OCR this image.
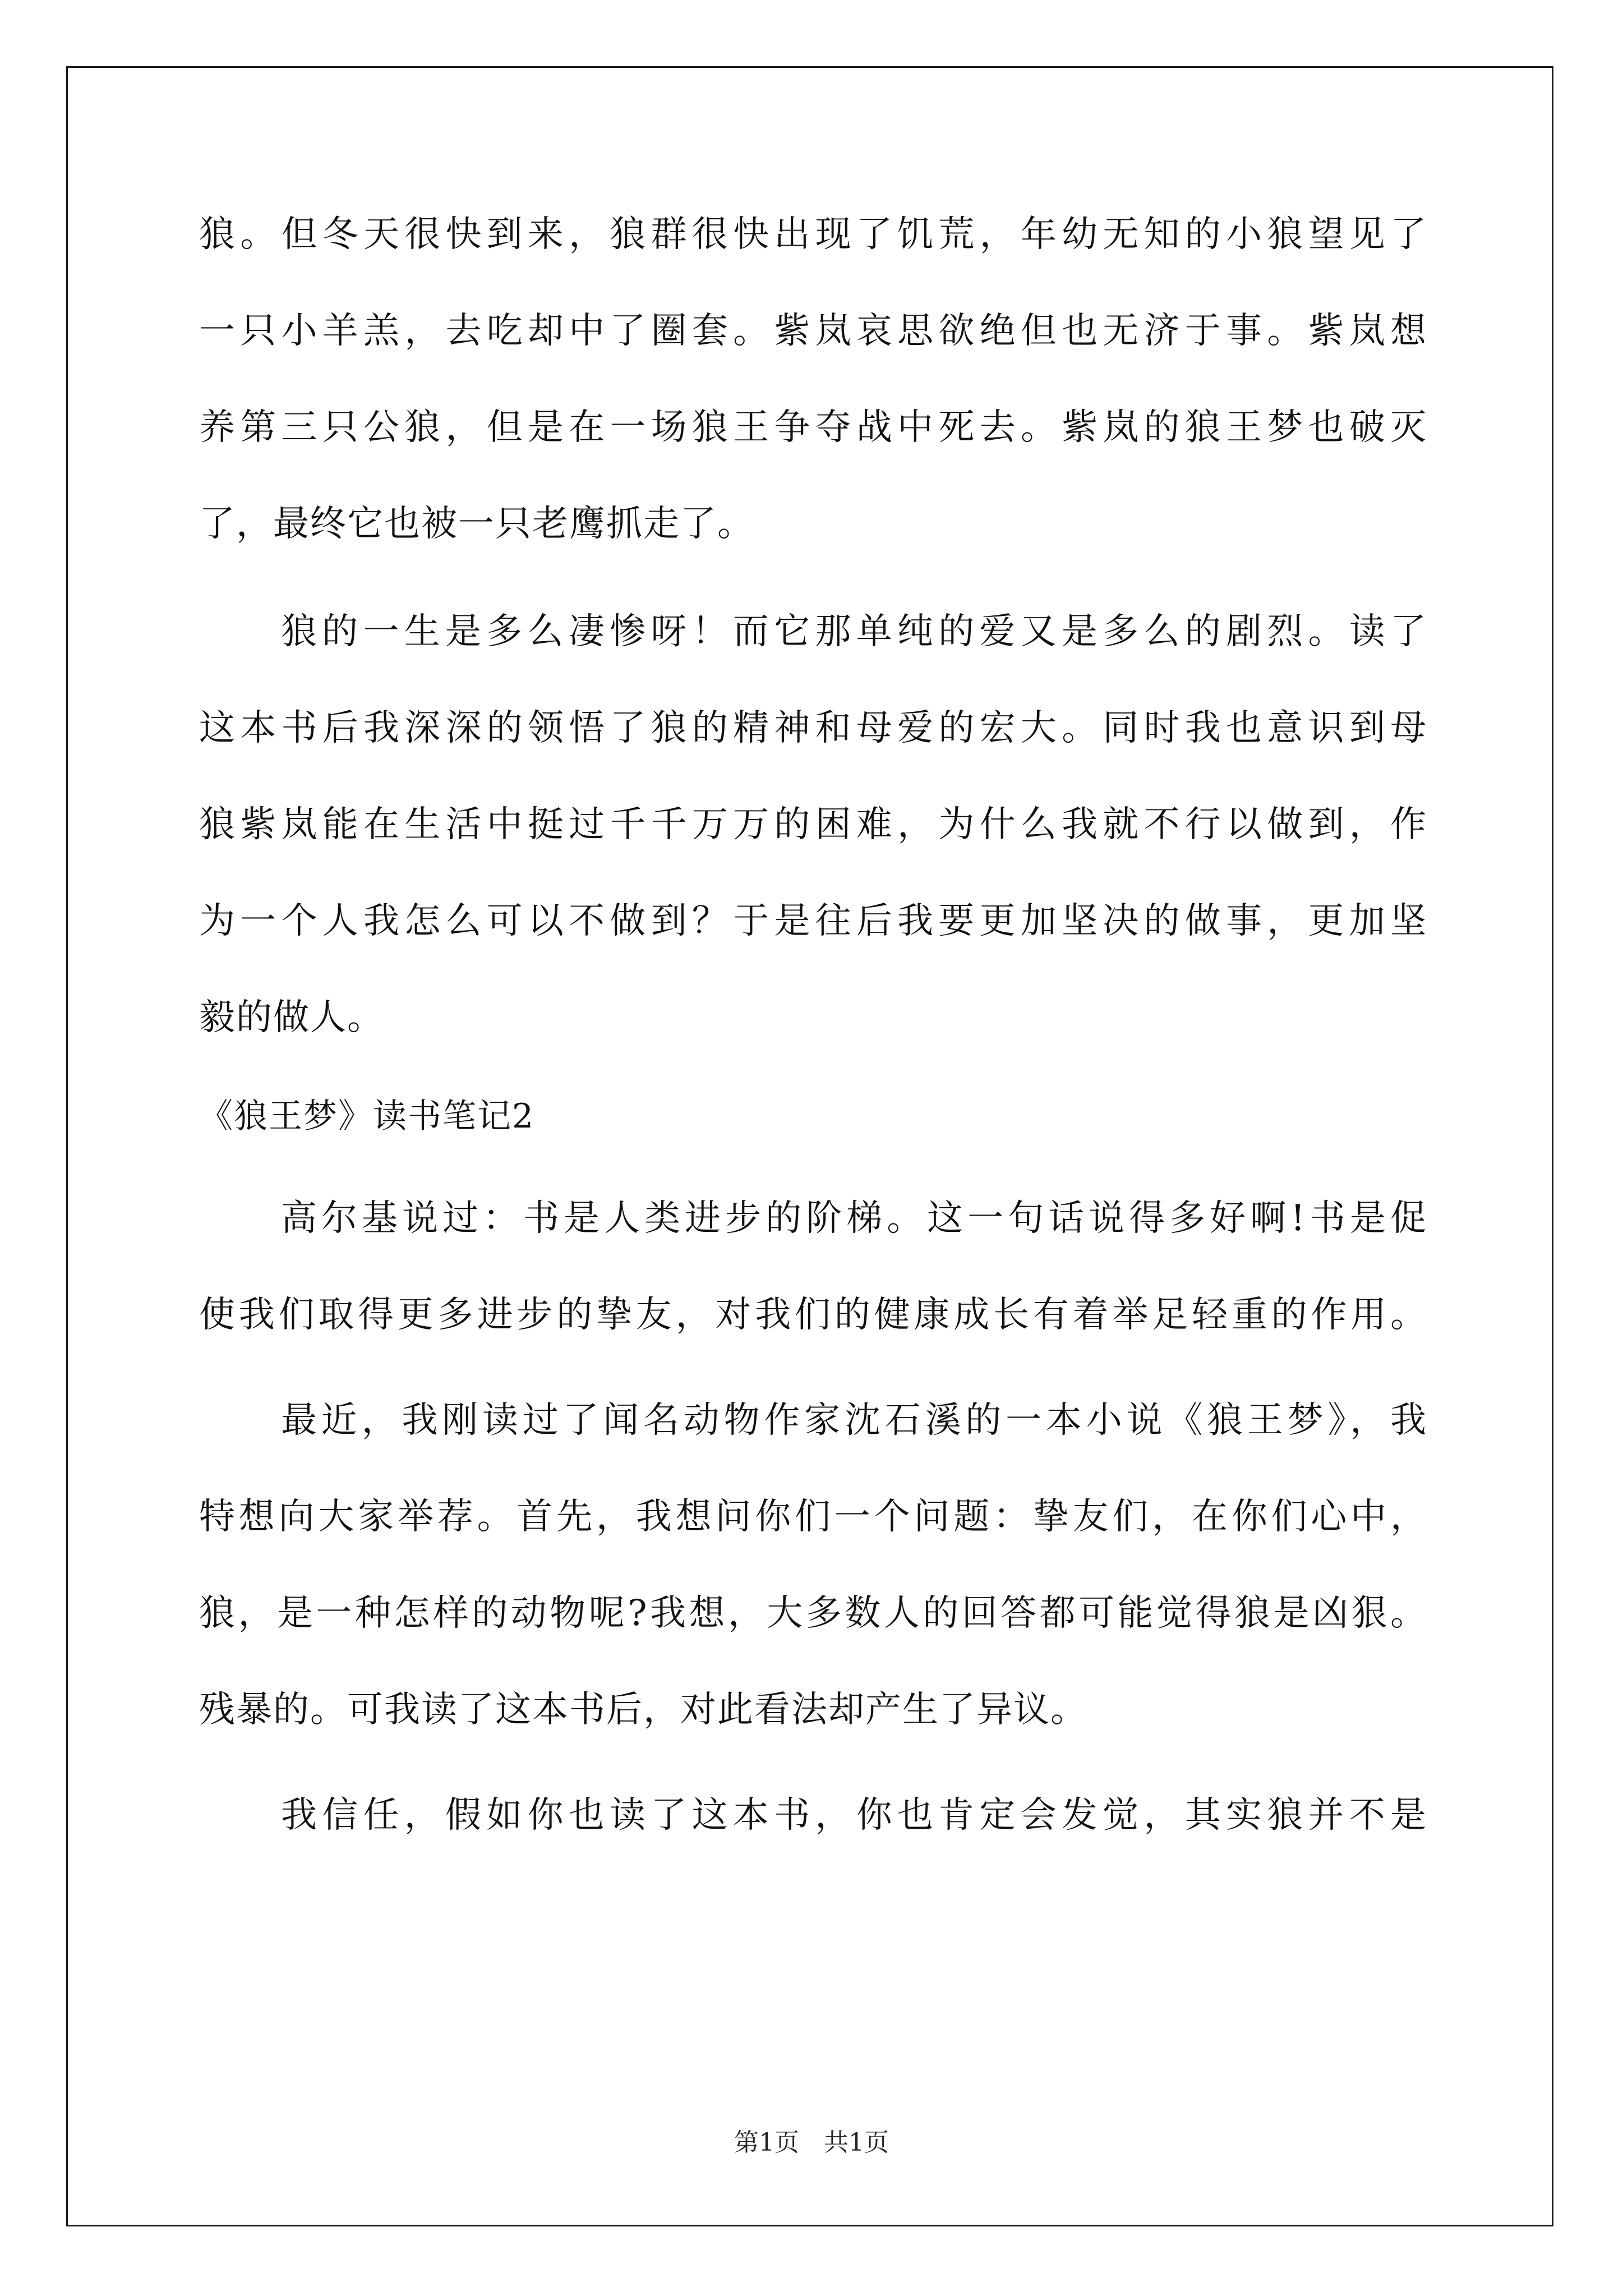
狼。但冬天很快到来，狼群很快出现了饥荒，年幼无知的小狼望见了
一只小羊羔，去吃却中了圈套。紫岚哀思欲绝但也无济于事。紫岚想
养第三只公狼，但是在一场狼王争夺战中死去。紫岚的狼王梦也破灭
了，最终它也被一只老鹰抓走了。
狼的一生是多么凄惨呀！而它那单纯的爱又是多么的剧烈。读了
这本书后我深深的领悟了狼的精神和母爱的宏大。同时我也意识到母
狼紫岚能在生活中挺过千千万万的困难，为什么我就不行以做到，作
为一个人我怎么可以不做到？于是往后我要更加坚决的做事，更加坚
毅的做人。
《狼王梦》读书笔记2
高尔基说过：书是人类进步的阶梯。这一句话说得多好啊!书是促
使我们取得更多进步的挚友，对我们的健康成长有着举足轻重的作用。
最近，我刚读过了闻名动物作家沈石溪的一本小说《狼王梦》，我
特想向大家举荐。首先，我想问你们一个问题：挚友们，在你们心中，
狼，是一种怎样的动物呢?我想，大多数人的回答都可能觉得狼是凶狠。
残暴的。可我读了这本书后，对此看法却产生了异议。
我信任，假如你也读了这本书，你也肯定会发觉，其实狼并不是
第1页　共1页
